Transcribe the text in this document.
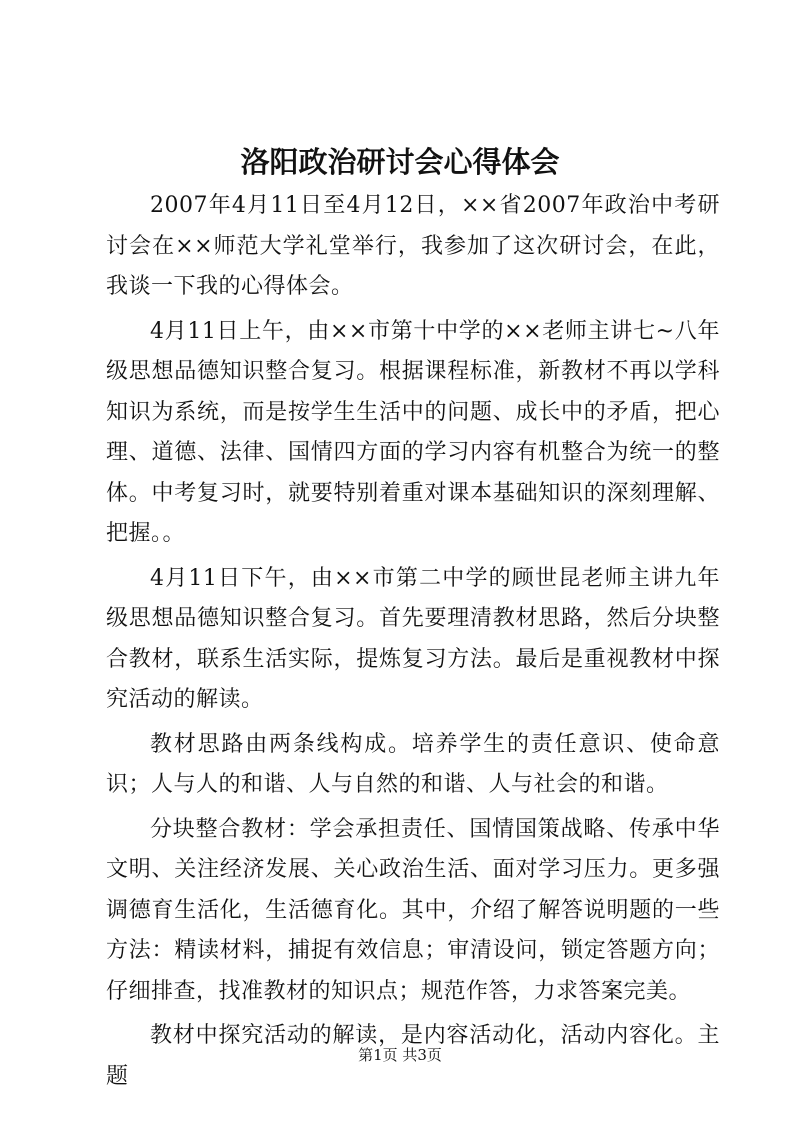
洛阳政治研讨会心得体会

2007年4月11日至4月12日，××省2007年政治中考研讨会在××师范大学礼堂举行，我参加了这次研讨会，在此，我谈一下我的心得体会。

4月11日上午，由××市第十中学的××老师主讲七~八年级思想品德知识整合复习。根据课程标准，新教材不再以学科知识为系统，而是按学生生活中的问题、成长中的矛盾，把心理、道德、法律、国情四方面的学习内容有机整合为统一的整体。中考复习时，就要特别着重对课本基础知识的深刻理解、把握。。

4月11日下午，由××市第二中学的顾世昆老师主讲九年级思想品德知识整合复习。首先要理清教材思路，然后分块整合教材，联系生活实际，提炼复习方法。最后是重视教材中探究活动的解读。

教材思路由两条线构成。培养学生的责任意识、使命意识；人与人的和谐、人与自然的和谐、人与社会的和谐。

分块整合教材：学会承担责任、国情国策战略、传承中华文明、关注经济发展、关心政治生活、面对学习压力。更多强调德育生活化，生活德育化。其中，介绍了解答说明题的一些方法：精读材料，捕捉有效信息；审清设问，锁定答题方向；仔细排查，找准教材的知识点；规范作答，力求答案完美。

教材中探究活动的解读，是内容活动化，活动内容化。主题

第1页 共3页
